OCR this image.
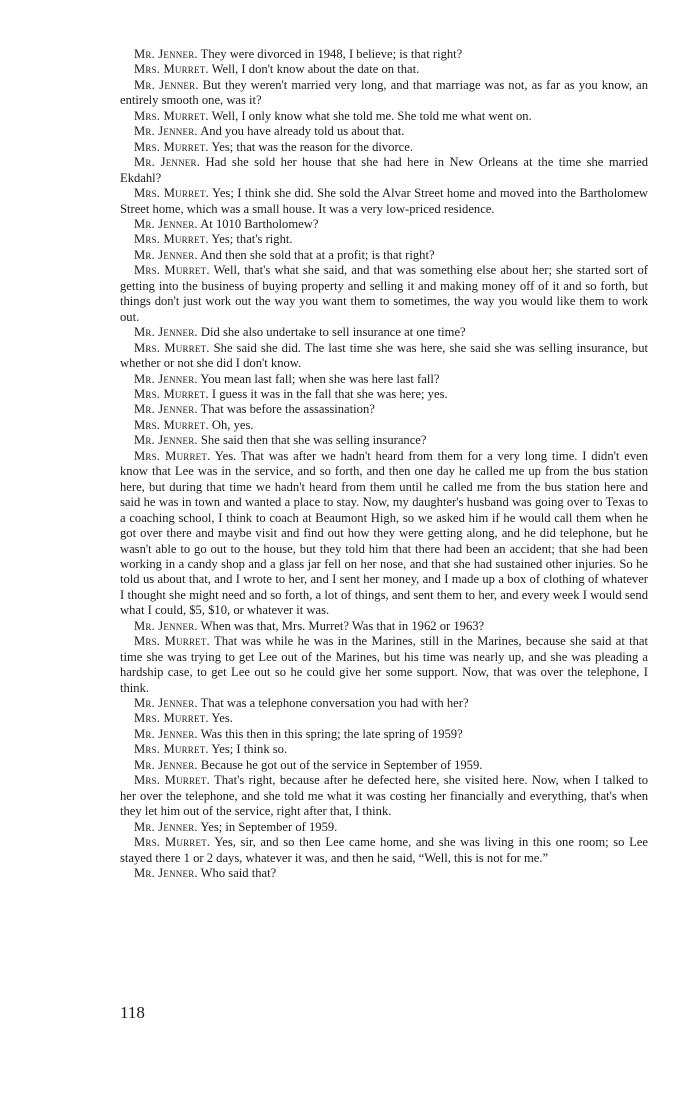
Mr. Jenner. They were divorced in 1948, I believe; is that right?

Mrs. Murret. Well, I don't know about the date on that.

Mr. Jenner. But they weren't married very long, and that marriage was not, as far as you know, an entirely smooth one, was it?

Mrs. Murret. Well, I only know what she told me. She told me what went on.

Mr. Jenner. And you have already told us about that.

Mrs. Murret. Yes; that was the reason for the divorce.

Mr. Jenner. Had she sold her house that she had here in New Orleans at the time she married Ekdahl?

Mrs. Murret. Yes; I think she did. She sold the Alvar Street home and moved into the Bartholomew Street home, which was a small house. It was a very low-priced residence.

Mr. Jenner. At 1010 Bartholomew?

Mrs. Murret. Yes; that's right.

Mr. Jenner. And then she sold that at a profit; is that right?

Mrs. Murret. Well, that's what she said, and that was something else about her; she started sort of getting into the business of buying property and selling it and making money off of it and so forth, but things don't just work out the way you want them to sometimes, the way you would like them to work out.

Mr. Jenner. Did she also undertake to sell insurance at one time?

Mrs. Murret. She said she did. The last time she was here, she said she was selling insurance, but whether or not she did I don't know.

Mr. Jenner. You mean last fall; when she was here last fall?

Mrs. Murret. I guess it was in the fall that she was here; yes.

Mr. Jenner. That was before the assassination?

Mrs. Murret. Oh, yes.

Mr. Jenner. She said then that she was selling insurance?

Mrs. Murret. Yes. That was after we hadn't heard from them for a very long time. I didn't even know that Lee was in the service, and so forth, and then one day he called me up from the bus station here, but during that time we hadn't heard from them until he called me from the bus station here and said he was in town and wanted a place to stay. Now, my daughter's husband was going over to Texas to a coaching school, I think to coach at Beaumont High, so we asked him if he would call them when he got over there and maybe visit and find out how they were getting along, and he did telephone, but he wasn't able to go out to the house, but they told him that there had been an accident; that she had been working in a candy shop and a glass jar fell on her nose, and that she had sustained other injuries. So he told us about that, and I wrote to her, and I sent her money, and I made up a box of clothing of whatever I thought she might need and so forth, a lot of things, and sent them to her, and every week I would send what I could, $5, $10, or whatever it was.

Mr. Jenner. When was that, Mrs. Murret? Was that in 1962 or 1963?

Mrs. Murret. That was while he was in the Marines, still in the Marines, because she said at that time she was trying to get Lee out of the Marines, but his time was nearly up, and she was pleading a hardship case, to get Lee out so he could give her some support. Now, that was over the telephone, I think.

Mr. Jenner. That was a telephone conversation you had with her?

Mrs. Murret. Yes.

Mr. Jenner. Was this then in this spring; the late spring of 1959?

Mrs. Murret. Yes; I think so.

Mr. Jenner. Because he got out of the service in September of 1959.

Mrs. Murret. That's right, because after he defected here, she visited here. Now, when I talked to her over the telephone, and she told me what it was costing her financially and everything, that's when they let him out of the service, right after that, I think.

Mr. Jenner. Yes; in September of 1959.

Mrs. Murret. Yes, sir, and so then Lee came home, and she was living in this one room; so Lee stayed there 1 or 2 days, whatever it was, and then he said, “Well, this is not for me.”

Mr. Jenner. Who said that?

118
